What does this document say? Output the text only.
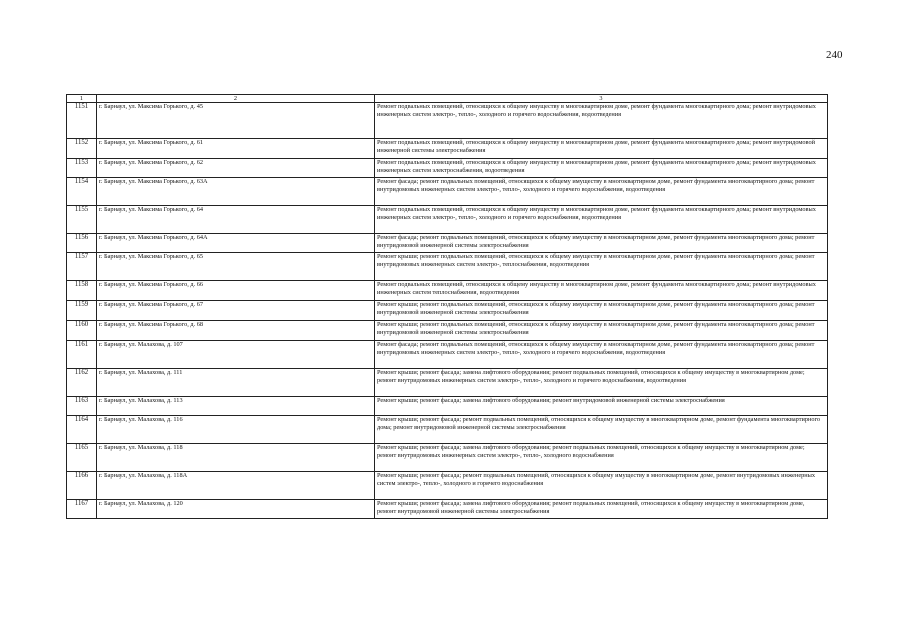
240
1	2	3
1151	г. Барнаул, ул. Максима Горького, д. 45	Ремонт подвальных помещений, относящихся к общему имуществу в многоквартирном доме, ремонт фундамента многоквартирного дома; ремонт внутридомовых инженерных систем электро-, тепло-, холодного и горячего водоснабжения, водоотведения
1152	г. Барнаул, ул. Максима Горького, д. 61	Ремонт подвальных помещений, относящихся к общему имуществу в многоквартирном доме, ремонт фундамента многоквартирного дома; ремонт внутридомовой инженерной системы электроснабжения
1153	г. Барнаул, ул. Максима Горького, д. 62	Ремонт подвальных помещений, относящихся к общему имуществу в многоквартирном доме, ремонт фундамента многоквартирного дома; ремонт внутридомовых инженерных систем электроснабжения, водоотведения
1154	г. Барнаул, ул. Максима Горького, д. 63А	Ремонт фасада; ремонт подвальных помещений, относящихся к общему имуществу в многоквартирном доме, ремонт фундамента многоквартирного дома; ремонт внутридомовых инженерных систем электро-, тепло-, холодного и горячего водоснабжения, водоотведения
1155	г. Барнаул, ул. Максима Горького, д. 64	Ремонт подвальных помещений, относящихся к общему имуществу в многоквартирном доме, ремонт фундамента многоквартирного дома; ремонт внутридомовых инженерных систем электро-, тепло-, холодного и горячего водоснабжения, водоотведения
1156	г. Барнаул, ул. Максима Горького, д. 64А	Ремонт фасада; ремонт подвальных помещений, относящихся к общему имуществу в многоквартирном доме, ремонт фундамента многоквартирного дома; ремонт внутридомовой инженерной системы электроснабжения
1157	г. Барнаул, ул. Максима Горького, д. 65	Ремонт крыши; ремонт подвальных помещений, относящихся к общему имуществу в многоквартирном доме, ремонт фундамента многоквартирного дома; ремонт внутридомовых инженерных систем электро-, теплоснабжения, водоотведения
1158	г. Барнаул, ул. Максима Горького, д. 66	Ремонт подвальных помещений, относящихся к общему имуществу в многоквартирном доме, ремонт фундамента многоквартирного дома; ремонт внутридомовых инженерных систем теплоснабжения, водоотведения
1159	г. Барнаул, ул. Максима Горького, д. 67	Ремонт крыши; ремонт подвальных помещений, относящихся к общему имуществу в многоквартирном доме, ремонт фундамента многоквартирного дома; ремонт внутридомовой инженерной системы электроснабжения
1160	г. Барнаул, ул. Максима Горького, д. 68	Ремонт крыши; ремонт подвальных помещений, относящихся к общему имуществу в многоквартирном доме, ремонт фундамента многоквартирного дома; ремонт внутридомовой инженерной системы электроснабжения
1161	г. Барнаул, ул. Малахова, д. 107	Ремонт фасада; ремонт подвальных помещений, относящихся к общему имуществу в многоквартирном доме, ремонт фундамента многоквартирного дома; ремонт внутридомовых инженерных систем электро-, тепло-, холодного и горячего водоснабжения, водоотведения
1162	г. Барнаул, ул. Малахова, д. 111	Ремонт крыши; ремонт фасада; замена лифтового оборудования; ремонт подвальных помещений, относящихся к общему имуществу в многоквартирном доме; ремонт внутридомовых инженерных систем электро-, тепло-, холодного и горячего водоснабжения, водоотведения
1163	г. Барнаул, ул. Малахова, д. 113	Ремонт крыши; ремонт фасада; замена лифтового оборудования; ремонт внутридомовой инженерной системы электроснабжения
1164	г. Барнаул, ул. Малахова, д. 116	Ремонт крыши; ремонт фасада; ремонт подвальных помещений, относящихся к общему имуществу в многоквартирном доме, ремонт фундамента многоквартирного дома; ремонт внутридомовой инженерной системы электроснабжения
1165	г. Барнаул, ул. Малахова, д. 118	Ремонт крыши; ремонт фасада; замена лифтового оборудования; ремонт подвальных помещений, относящихся к общему имуществу в многоквартирном доме; ремонт внутридомовых инженерных систем электро-, тепло-, холодного водоснабжения
1166	г. Барнаул, ул. Малахова, д. 118А	Ремонт крыши; ремонт фасада; ремонт подвальных помещений, относящихся к общему имуществу в многоквартирном доме, ремонт внутридомовых инженерных систем электро-, тепло-, холодного и горячего водоснабжения
1167	г. Барнаул, ул. Малахова, д. 120	Ремонт крыши; ремонт фасада; замена лифтового оборудования; ремонт подвальных помещений, относящихся к общему имуществу в многоквартирном доме, ремонт внутридомовой инженерной системы электроснабжения
